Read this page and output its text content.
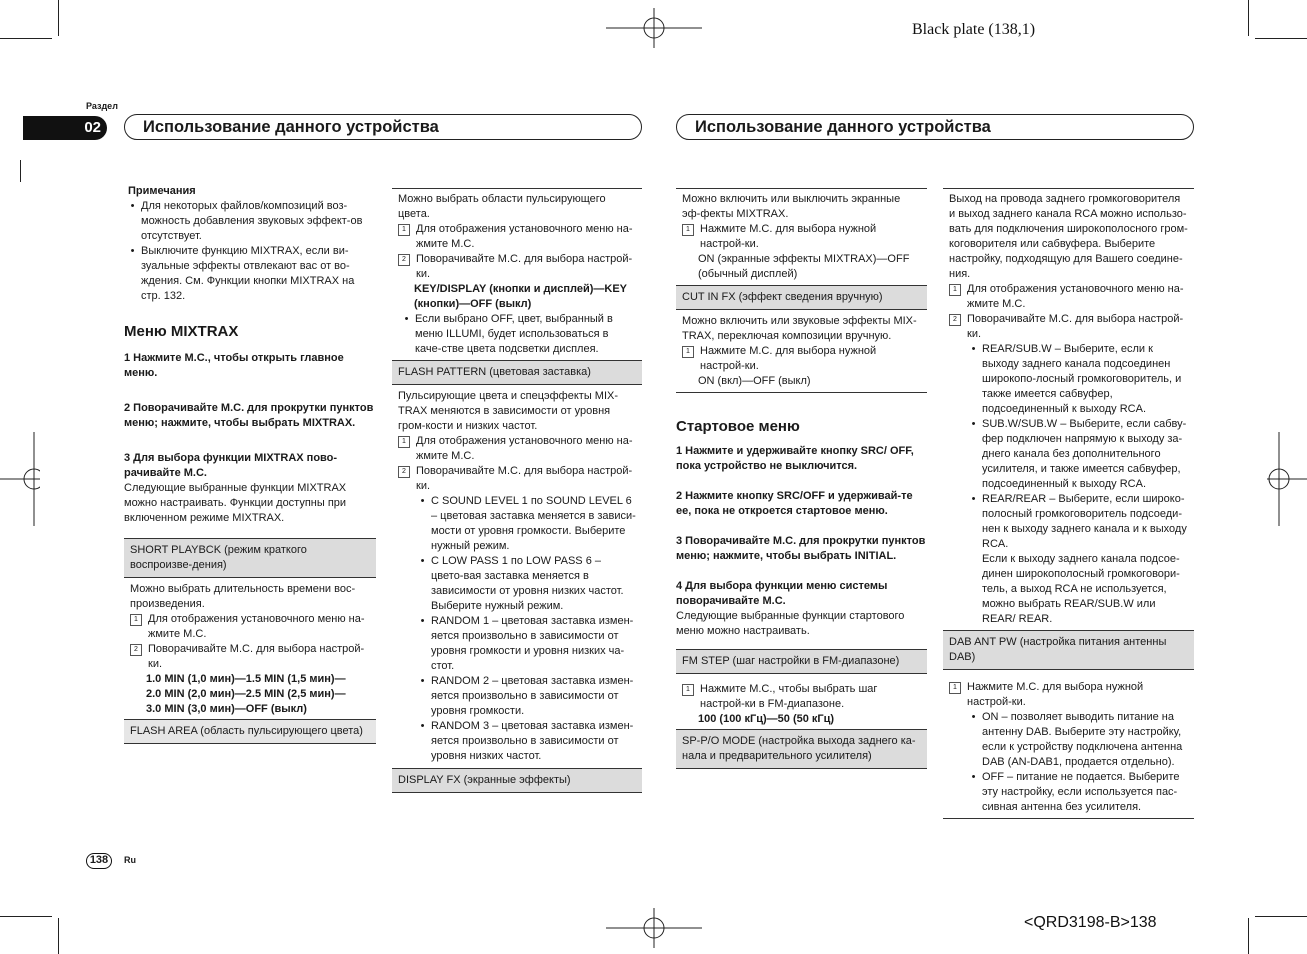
Black plate (138,1)
<QRD3198-B>138
Раздел
02	Использование данного устройства	Использование данного устройства

Примечания

• Для некоторых файлов/композиций воз-можность добавления звуковых эффект-ов отсутствует.
• Выключите функцию MIXTRAX, если ви-зуальные эффекты отвлекают вас от во-ждения. См. Функции кнопки MIXTRAX на стр. 132.

Меню MIXTRAX

1 Нажмите M.C., чтобы открыть главное меню.

2 Поворачивайте M.C. для прокрутки пунктов меню; нажмите, чтобы выбрать MIXTRAX.

3 Для выбора функции MIXTRAX пово-рачивайте M.C.

Следующие выбранные функции MIXTRAX можно настраивать. Функции доступны при включенном режиме MIXTRAX.

SHORT PLAYBCK (режим краткого воспроизве-дения)

Можно выбрать длительность времени вос-произведения.

1 Для отображения установочного меню на-жмите M.C.
2 Поворачивайте M.C. для выбора настрой-ки.

1.0 MIN (1,0 мин)—1.5 MIN (1,5 мин)—

2.0 MIN (2,0 мин)—2.5 MIN (2,5 мин)—

3.0 MIN (3,0 мин)—OFF (выкл)

FLASH AREA (область пульсирующего цвета)

Можно выбрать области пульсирующего цвета.

1 Для отображения установочного меню на-жмите M.C.
2 Поворачивайте M.C. для выбора настрой-ки.

KEY/DISPLAY (кнопки и дисплей)—KEY (кнопки)—OFF (выкл)

• Если выбрано OFF, цвет, выбранный в меню ILLUMI, будет использоваться в каче-стве цвета подсветки дисплея.
FLASH PATTERN (цветовая заставка)

Пульсирующие цвета и спецэффекты MIX-TRAX меняются в зависимости от уровня гром-кости и низких частот.

1 Для отображения установочного меню на-жмите M.C.
2 Поворачивайте M.C. для выбора настрой-ки.
• С SOUND LEVEL 1 по SOUND LEVEL 6 – цветовая заставка меняется в зависи-мости от уровня громкости. Выберите нужный режим.
• С LOW PASS 1 по LOW PASS 6 – цвето-вая заставка меняется в зависимости от уровня низких частот. Выберите нужный режим.
• RANDOM 1 – цветовая заставка измен-яется произвольно в зависимости от уровня громкости и уровня низких ча-стот.
• RANDOM 2 – цветовая заставка измен-яется произвольно в зависимости от уровня громкости.
• RANDOM 3 – цветовая заставка измен-яется произвольно в зависимости от уровня низких частот.
DISPLAY FX (экранные эффекты)

Можно включить или выключить экранные эф-фекты MIXTRAX.

1 Нажмите M.C. для выбора нужной настрой-ки.

ON (экранные эффекты MIXTRAX)—OFF (обычный дисплей)

CUT IN FX (эффект сведения вручную)

Можно включить или звуковые эффекты MIX-TRAX, переключая композиции вручную.

1 Нажмите M.C. для выбора нужной настрой-ки.

ON (вкл)—OFF (выкл)

Стартовое меню

1 Нажмите и удерживайте кнопку SRC/ OFF, пока устройство не выключится.

2 Нажмите кнопку SRC/OFF и удерживай-те ее, пока не откроется стартовое меню.

3 Поворачивайте M.C. для прокрутки пунктов меню; нажмите, чтобы выбрать INITIAL.

4 Для выбора функции меню системы поворачивайте M.C.

Следующие выбранные функции стартового меню можно настраивать.

FM STEP (шаг настройки в FM-диапазоне)
1 Нажмите M.C., чтобы выбрать шаг настрой-ки в FM-диапазоне.

100 (100 кГц)—50 (50 кГц)

SP-P/O MODE (настройка выхода заднего ка-нала и предварительного усилителя)

Выход на провода заднего громкоговорителя и выход заднего канала RCA можно использо-вать для подключения широкополосного гром-коговорителя или сабвуфера. Выберите настройку, подходящую для Вашего соедине-ния.

1 Для отображения установочного меню на-жмите M.C.
2 Поворачивайте M.C. для выбора настрой-ки.
• REAR/SUB.W – Выберите, если к выходу заднего канала подсоединен широкопо-лосный громкоговоритель, и также имеется сабвуфер, подсоединенный к выходу RCA.
• SUB.W/SUB.W – Выберите, если сабву-фер подключен напрямую к выходу за-днего канала без дополнительного усилителя, и также имеется сабвуфер, подсоединенный к выходу RCA.
• REAR/REAR – Выберите, если широко-полосный громкоговоритель подсоеди-нен к выходу заднего канала и к выходу RCA.

Если к выходу заднего канала подсое-динен широкополосный громкоговори-тель, а выход RCA не используется, можно выбрать REAR/SUB.W или REAR/ REAR.

DAB ANT PW (настройка питания антенны DAB)
1 Нажмите M.C. для выбора нужной настрой-ки.
• ON – позволяет выводить питание на антенну DAB. Выберите эту настройку, если к устройству подключена антенна DAB (AN-DAB1, продается отдельно).
• OFF – питание не подается. Выберите эту настройку, если используется пас-сивная антенна без усилителя.
138	Ru
